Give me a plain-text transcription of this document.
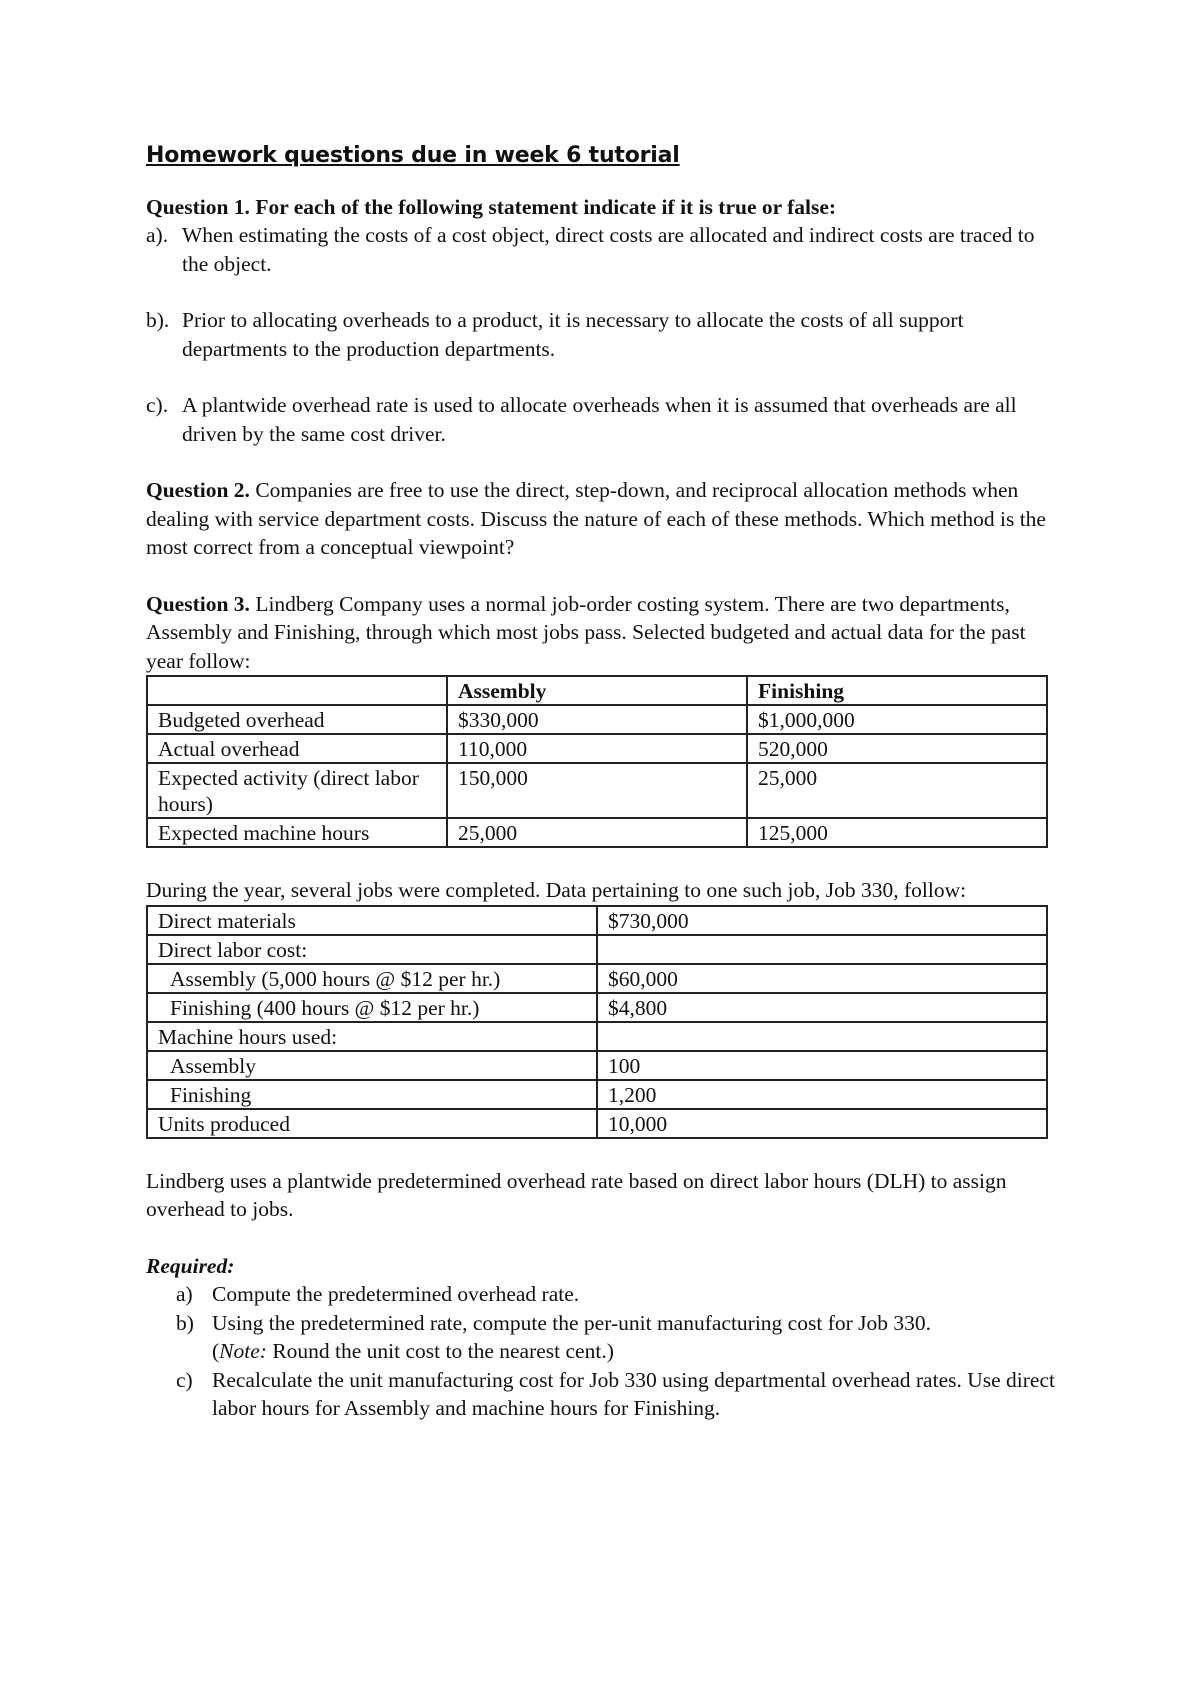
Homework questions due in week 6 tutorial

Question 1. For each of the following statement indicate if it is true or false:

a). When estimating the costs of a cost object, direct costs are allocated and indirect costs are traced to the object.
b). Prior to allocating overheads to a product, it is necessary to allocate the costs of all support departments to the production departments.
c). A plantwide overhead rate is used to allocate overheads when it is assumed that overheads are all driven by the same cost driver.

Question 2. Companies are free to use the direct, step-down, and reciprocal allocation methods when dealing with service department costs. Discuss the nature of each of these methods. Which method is the most correct from a conceptual viewpoint?

Question 3. Lindberg Company uses a normal job-order costing system. There are two departments, Assembly and Finishing, through which most jobs pass. Selected budgeted and actual data for the past year follow:

	Assembly	Finishing
Budgeted overhead	$330,000	$1,000,000
Actual overhead	110,000	520,000
Expected activity (direct labor hours)	150,000	25,000
Expected machine hours	25,000	125,000

During the year, several jobs were completed. Data pertaining to one such job, Job 330, follow:

Direct materials	$730,000
Direct labor cost:	
Assembly (5,000 hours @ $12 per hr.)	$60,000
Finishing (400 hours @ $12 per hr.)	$4,800
Machine hours used:	
Assembly	100
Finishing	1,200
Units produced	10,000

Lindberg uses a plantwide predetermined overhead rate based on direct labor hours (DLH) to assign overhead to jobs.

Required:

a) Compute the predetermined overhead rate.
b) Using the predetermined rate, compute the per-unit manufacturing cost for Job 330.
(Note: Round the unit cost to the nearest cent.)
c) Recalculate the unit manufacturing cost for Job 330 using departmental overhead rates. Use direct labor hours for Assembly and machine hours for Finishing.
